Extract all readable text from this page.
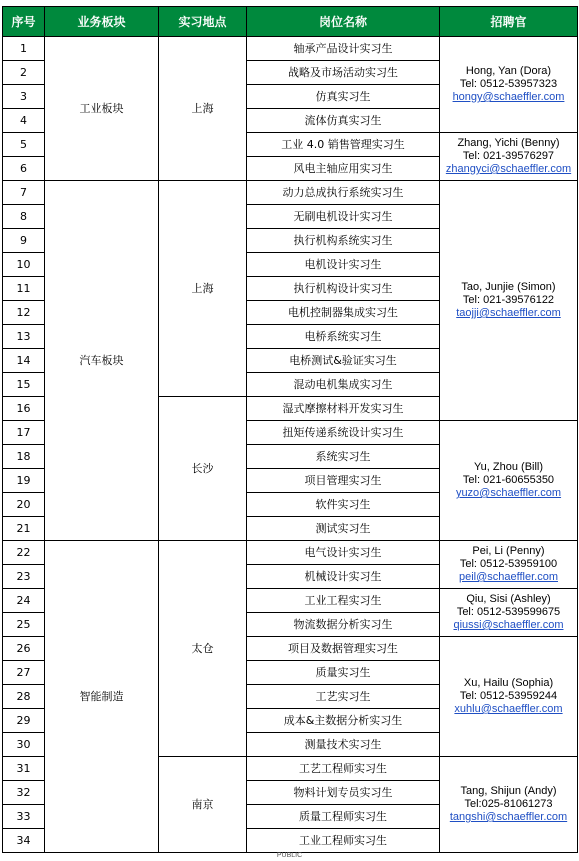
序号	业务板块	实习地点	岗位名称	招聘官
1	工业板块	上海	轴承产品设计实习生	Hong, Yan (Dora)
Tel: 0512-53957323
hongy@schaeffler.com
2			战略及市场活动实习生	
3			仿真实习生	
4			流体仿真实习生	
5			工业 4.0 销售管理实习生	Zhang, Yichi (Benny)
Tel: 021-39576297
zhangyci@schaeffler.com
6			风电主轴应用实习生	
7	汽车板块	上海	动力总成执行系统实习生	Tao, Junjie (Simon)
Tel: 021-39576122
taojji@schaeffler.com
8			无刷电机设计实习生	
9			执行机构系统实习生	
10			电机设计实习生	
11			执行机构设计实习生	
12			电机控制器集成实习生	
13			电桥系统实习生	
14			电桥测试&验证实习生	
15			混动电机集成实习生	
16		长沙	湿式摩擦材料开发实习生	
17			扭矩传递系统设计实习生	Yu, Zhou (Bill)
Tel: 021-60655350
yuzo@schaeffler.com
18			系统实习生	
19			项目管理实习生	
20			软件实习生	
21			测试实习生	
22	智能制造	太仓	电气设计实习生	Pei, Li (Penny)
Tel: 0512-53959100
peil@schaeffler.com
23			机械设计实习生	
24			工业工程实习生	Qiu, Sisi (Ashley)
Tel: 0512-539599675
qiussi@schaeffler.com
25			物流数据分析实习生	
26			项目及数据管理实习生	Xu, Hailu (Sophia)
Tel: 0512-53959244
xuhlu@schaeffler.com
27			质量实习生	
28			工艺实习生	
29			成本&主数据分析实习生	
30			测量技术实习生	
31		南京	工艺工程师实习生	Tang, Shijun (Andy)
Tel:025-81061273
tangshi@schaeffler.com
32			物料计划专员实习生	
33			质量工程师实习生	
34			工业工程师实习生	
PUBLIC
